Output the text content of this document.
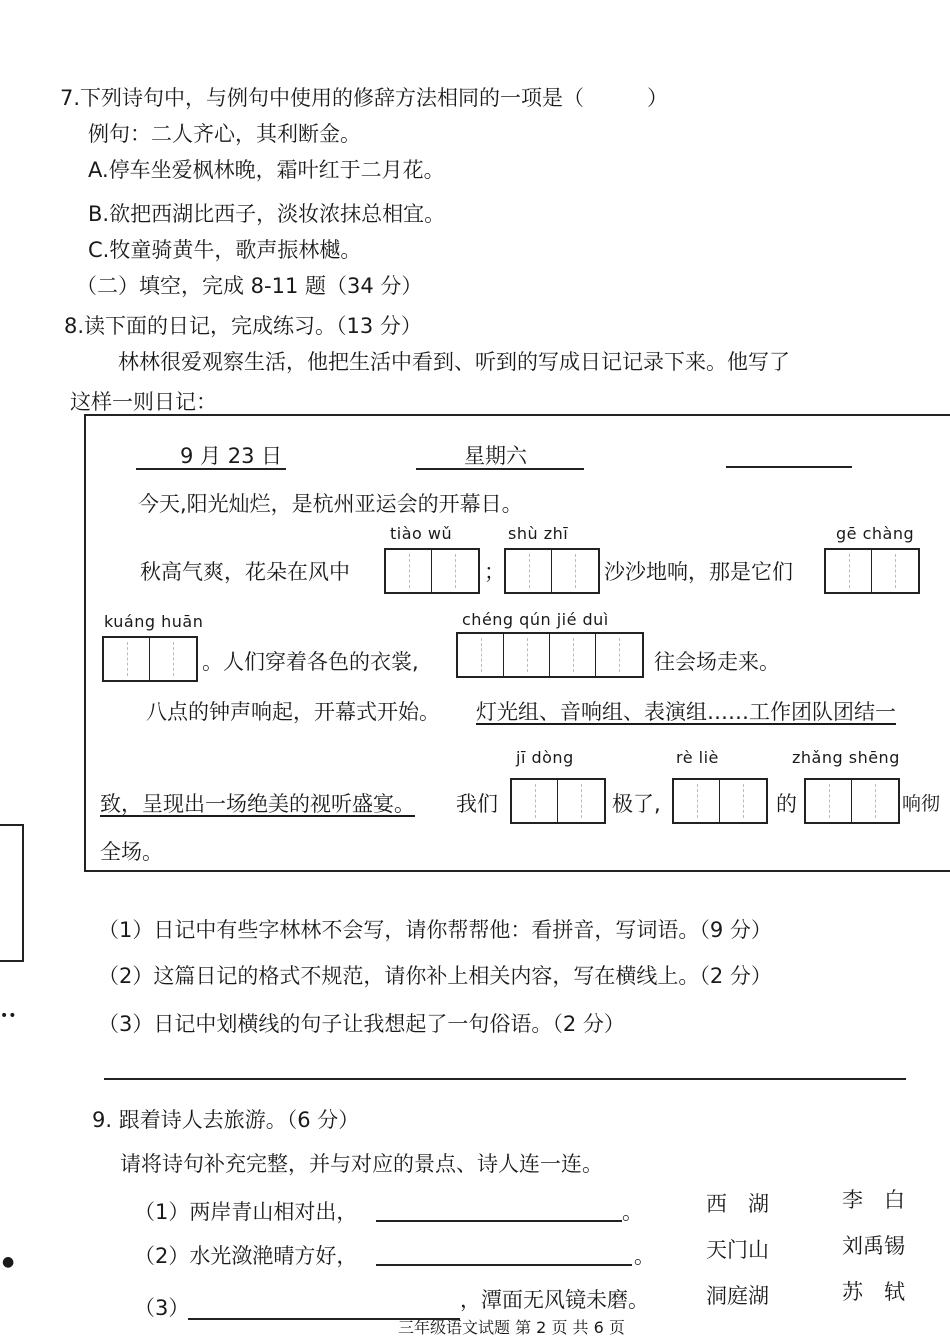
••
●
7.下列诗句中，与例句中使用的修辞方法相同的一项是（　　　）
例句：二人齐心，其利断金。
A.停车坐爱枫林晚，霜叶红于二月花。
B.欲把西湖比西子，淡妆浓抹总相宜。
C.牧童骑黄牛，歌声振林樾。
（二）填空，完成 8-11 题（34 分）
8.读下面的日记，完成练习。（13 分）
林林很爱观察生活，他把生活中看到、听到的写成日记记录下来。他写了
这样一则日记：
9 月 23 日	星期六
今天,阳光灿烂，是杭州亚运会的开幕日。
tiào wǔ	shù zhī	gē chàng
秋高气爽，花朵在风中	；	沙沙地响，那是它们
kuáng huān	chéng qún jié duì
。人们穿着各色的衣裳,	往会场走来。
八点的钟声响起，开幕式开始。 灯光组、音响组、表演组……工作团队团结一
jī dòng	rè liè	zhǎng shēng
致，呈现出一场绝美的视听盛宴。 我们	极了,	的	响彻
全场。
（1）日记中有些字林林不会写，请你帮帮他：看拼音，写词语。（9 分）
（2）这篇日记的格式不规范，请你补上相关内容，写在横线上。（2 分）
（3）日记中划横线的句子让我想起了一句俗语。（2 分）
9. 跟着诗人去旅游。（6 分）
请将诗句补充完整，并与对应的景点、诗人连一连。
（1）两岸青山相对出，	。
（2）水光潋滟晴方好，	。
（3）	，潭面无风镜未磨。
西　湖
天门山
洞庭湖
李　白
刘禹锡
苏　轼
三年级语文试题 第 2 页 共 6 页
